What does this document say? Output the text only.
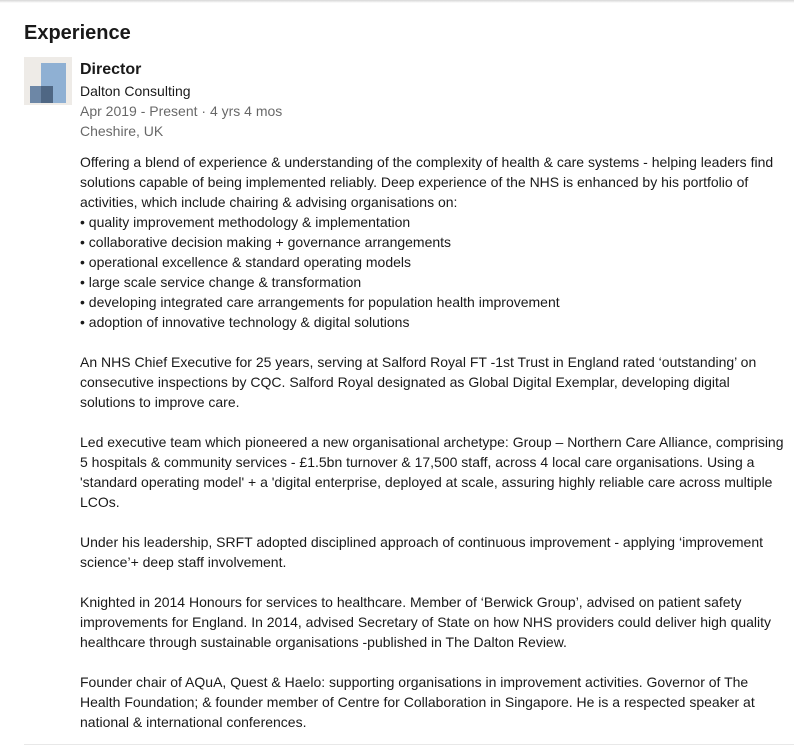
Experience
Director
Dalton Consulting
Apr 2019 - Present · 4 yrs 4 mos
Cheshire, UK

Offering a blend of experience & understanding of the complexity of health & care systems - helping leaders find solutions capable of being implemented reliably. Deep experience of the NHS is enhanced by his portfolio of activities, which include chairing & advising organisations on:
• quality improvement methodology & implementation
• collaborative decision making + governance arrangements
• operational excellence & standard operating models
• large scale service change & transformation
• developing integrated care arrangements for population health improvement
• adoption of innovative technology & digital solutions

An NHS Chief Executive for 25 years, serving at Salford Royal FT -1st Trust in England rated ‘outstanding’ on consecutive inspections by CQC. Salford Royal designated as Global Digital Exemplar, developing digital solutions to improve care.

Led executive team which pioneered a new organisational archetype: Group – Northern Care Alliance, comprising 5 hospitals & community services - £1.5bn turnover & 17,500 staff, across 4 local care organisations. Using a 'standard operating model' + a 'digital enterprise, deployed at scale, assuring highly reliable care across multiple LCOs.

Under his leadership, SRFT adopted disciplined approach of continuous improvement - applying ‘improvement science’+ deep staff involvement.

Knighted in 2014 Honours for services to healthcare. Member of ‘Berwick Group’, advised on patient safety improvements for England. In 2014, advised Secretary of State on how NHS providers could deliver high quality healthcare through sustainable organisations -published in The Dalton Review.

Founder chair of AQuA, Quest & Haelo: supporting organisations in improvement activities. Governor of The Health Foundation; & founder member of Centre for Collaboration in Singapore. He is a respected speaker at national & international conferences.
